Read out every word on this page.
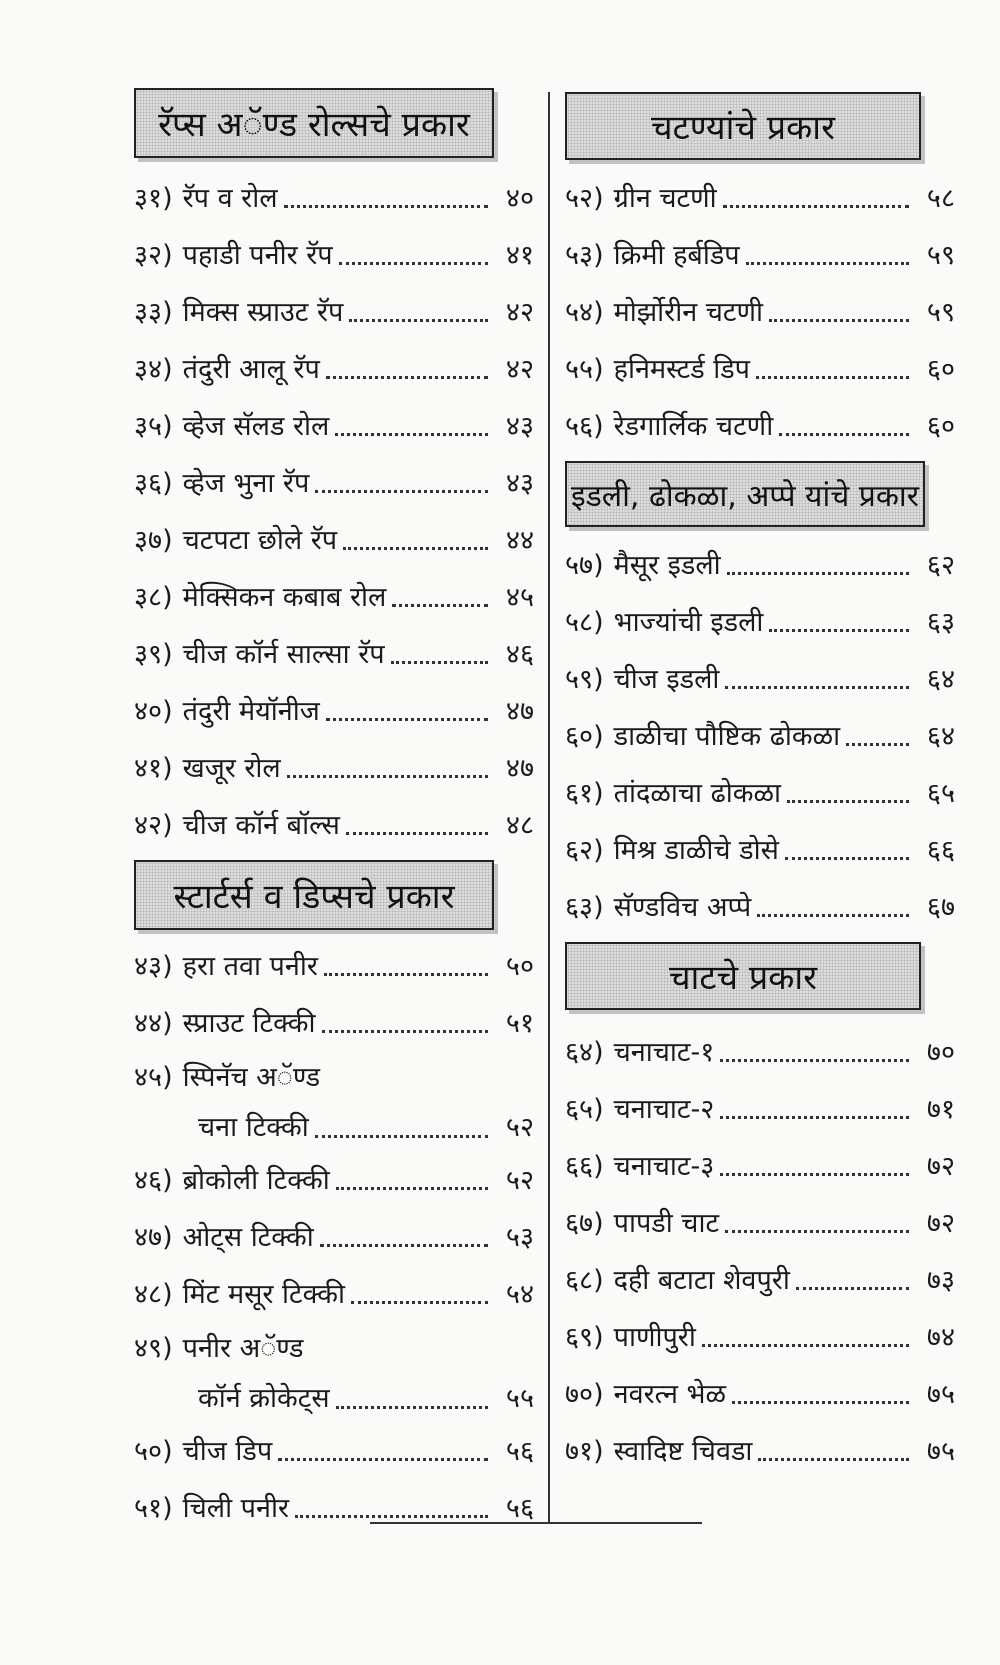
रॅप्स अॅण्ड रोल्सचे प्रकार
३१) रॅप व रोल	४०
३२) पहाडी पनीर रॅप	४१
३३) मिक्स स्प्राउट रॅप	४२
३४) तंदुरी आलू रॅप	४२
३५) व्हेज सॅलड रोल	४३
३६) व्हेज भुना रॅप	४३
३७) चटपटा छोले रॅप	४४
३८) मेक्सिकन कबाब रोल	४५
३९) चीज कॉर्न साल्सा रॅप	४६
४०) तंदुरी मेयॉनीज	४७
४१) खजूर रोल	४७
४२) चीज कॉर्न बॉल्स	४८
स्टार्टर्स व डिप्सचे प्रकार
४३) हरा तवा पनीर	५०
४४) स्प्राउट टिक्की	५१
४५) स्पिनॅच अॅण्ड
चना टिक्की	५२
४६) ब्रोकोली टिक्की	५२
४७) ओट्स टिक्की	५३
४८) मिंट मसूर टिक्की	५४
४९) पनीर अॅण्ड
कॉर्न क्रोकेट्स	५५
५०) चीज डिप	५६
५१) चिली पनीर	५६
चटण्यांचे प्रकार
५२) ग्रीन चटणी	५८
५३) क्रिमी हर्बडिप	५९
५४) मोर्झोरीन चटणी	५९
५५) हनिमस्टर्ड डिप	६०
५६) रेडगार्लिक चटणी	६०
इडली, ढोकळा, अप्पे यांचे प्रकार
५७) मैसूर इडली	६२
५८) भाज्यांची इडली	६३
५९) चीज इडली	६४
६०) डाळीचा पौष्टिक ढोकळा	६४
६१) तांदळाचा ढोकळा	६५
६२) मिश्र डाळीचे डोसे	६६
६३) सॅण्डविच अप्पे	६७
चाटचे प्रकार
६४) चनाचाट-१	७०
६५) चनाचाट-२	७१
६६) चनाचाट-३	७२
६७) पापडी चाट	७२
६८) दही बटाटा शेवपुरी	७३
६९) पाणीपुरी	७४
७०) नवरत्न भेळ	७५
७१) स्वादिष्ट चिवडा	७५
